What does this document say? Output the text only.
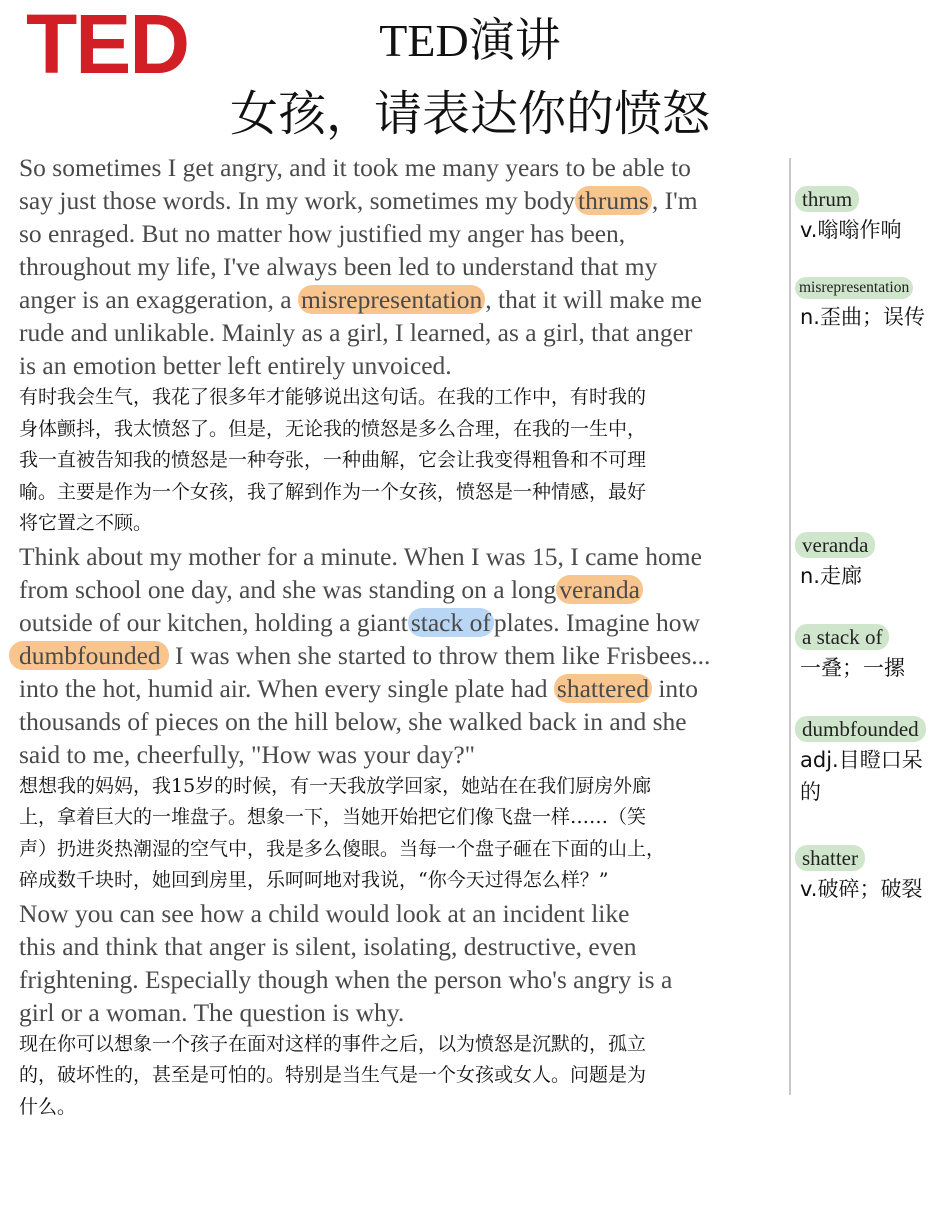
TED	TED演讲
女孩，请表达你的愤怒
So sometimes I get angry, and it took me many years to be able to
say just those words. In my work, sometimes my body thrums , I'm
so enraged. But no matter how justified my anger has been,
throughout my life, I've always been led to understand that my
anger is an exaggeration, a misrepresentation , that it will make me
rude and unlikable. Mainly as a girl, I learned, as a girl, that anger
is an emotion better left entirely unvoiced.
有时我会生气，我花了很多年才能够说出这句话。在我的工作中，有时我的
身体颤抖，我太愤怒了。但是，无论我的愤怒是多么合理，在我的一生中，
我一直被告知我的愤怒是一种夸张，一种曲解，它会让我变得粗鲁和不可理
喻。主要是作为一个女孩，我了解到作为一个女孩，愤怒是一种情感，最好
将它置之不顾。
Think about my mother for a minute. When I was 15, I came home
from school one day, and she was standing on a long veranda
outside of our kitchen, holding a giant stack of plates. Imagine how
dumbfounded I was when she started to throw them like Frisbees...
into the hot, humid air. When every single plate had shattered into
thousands of pieces on the hill below, she walked back in and she
said to me, cheerfully, "How was your day?"
想想我的妈妈，我15岁的时候，有一天我放学回家，她站在在我们厨房外廊
上，拿着巨大的一堆盘子。想象一下，当她开始把它们像飞盘一样……（笑
声）扔进炎热潮湿的空气中，我是多么傻眼。当每一个盘子砸在下面的山上，
碎成数千块时，她回到房里，乐呵呵地对我说，“你今天过得怎么样？”
Now you can see how a child would look at an incident like
this and think that anger is silent, isolating, destructive, even
frightening. Especially though when the person who's angry is a
girl or a woman. The question is why.
现在你可以想象一个孩子在面对这样的事件之后，以为愤怒是沉默的，孤立
的，破坏性的，甚至是可怕的。特别是当生气是一个女孩或女人。问题是为
什么。
thrum
v.嗡嗡作响
misrepresentation
n.歪曲；误传
veranda
n.走廊
a stack of
一叠；一摞
dumbfounded
adj.目瞪口呆的
shatter
v.破碎；破裂
